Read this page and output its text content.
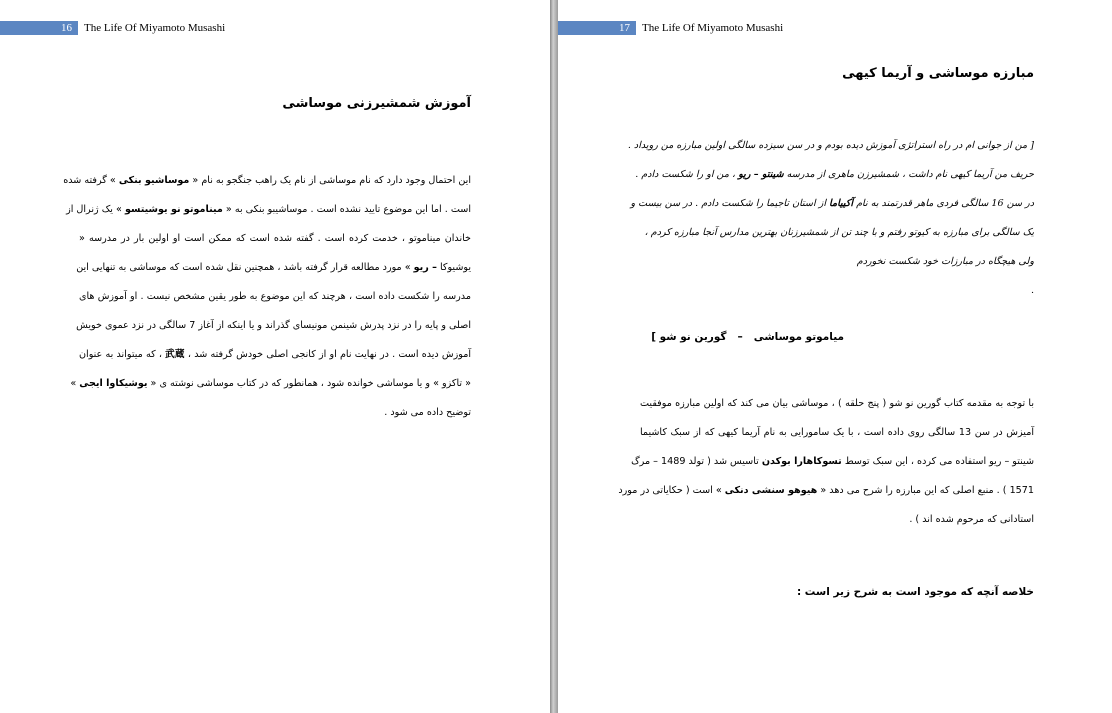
16 The Life Of Miyamoto Musashi
آموزش شمشیرزنی موساشی
این احتمال وجود دارد که نام موساشی از نام یک راهب جنگجو به نام « موساشیو بنکی » گرفته شده
است . اما این موضوع تایید نشده است . موساشیبو بنکی به « میناموتو نو یوشیتسو » یک ژنرال از
خاندان میناموتو ، خدمت کرده است . گفته شده است که ممکن است او اولین بار در مدرسه «
یوشیوکا – ریو » مورد مطالعه قرار گرفته باشد ، همچنین نقل شده است که موساشی به تنهایی این
مدرسه را شکست داده است ، هرچند که این موضوع به طور یقین مشخص نیست . او آموزش های
اصلی و پایه را در نزد پدرش شینمن مونیسای گذراند و یا اینکه از آغاز 7 سالگی در نزد عموی خویش
آموزش دیده است . در نهایت نام او از کانجی اصلی خودش گرفته شد ، 武蔵 ، که میتواند به عنوان
« تاکزو » و یا موساشی خوانده شود ، همانطور که در کتاب موساشی نوشته ی « یوشیکاوا ایجی »
توضیح داده می شود .
17 The Life Of Miyamoto Musashi
مبارزه موساشی و آریما کیهی
[ من از جوانی ام در راه استراتژی آموزش دیده بودم و در سن سیزده سالگی اولین مبارزه من رویداد .
حریف من آریما کیهی نام داشت ، شمشیرزن ماهری از مدرسه شینتو – ریو ، من او را شکست دادم .
در سن 16 سالگی فردی ماهر قدرتمند به نام آکییاما از استان تاجیما را شکست دادم . در سن بیست و
یک سالگی برای مبارزه به کیوتو رفتم و با چند تن از شمشیرزنان بهترین مدارس آنجا مبارزه کردم ،
ولی هیچگاه در مبارزات خود شکست نخوردم
.
میاموتو موساشی   –   گورین نو شو ]
با توجه به مقدمه کتاب گورین نو شو ( پنج حلقه ) ، موساشی بیان می کند که اولین مبارزه موفقیت
آمیزش در سن 13 سالگی روی داده است ، با یک سامورایی به نام آریما کیهی که از سبک کاشیما
شینتو – ریو استفاده می کرده ، این سبک توسط تسوکاهارا بوکدن تاسیس شد ( تولد 1489 – مرگ
1571 ) . منبع اصلی که این مبارزه را شرح می دهد « هیوهو سنشی دنکی » است ( حکایاتی در مورد
استادانی که مرحوم شده اند ) .
خلاصه آنچه که موجود است به شرح زیر است :
